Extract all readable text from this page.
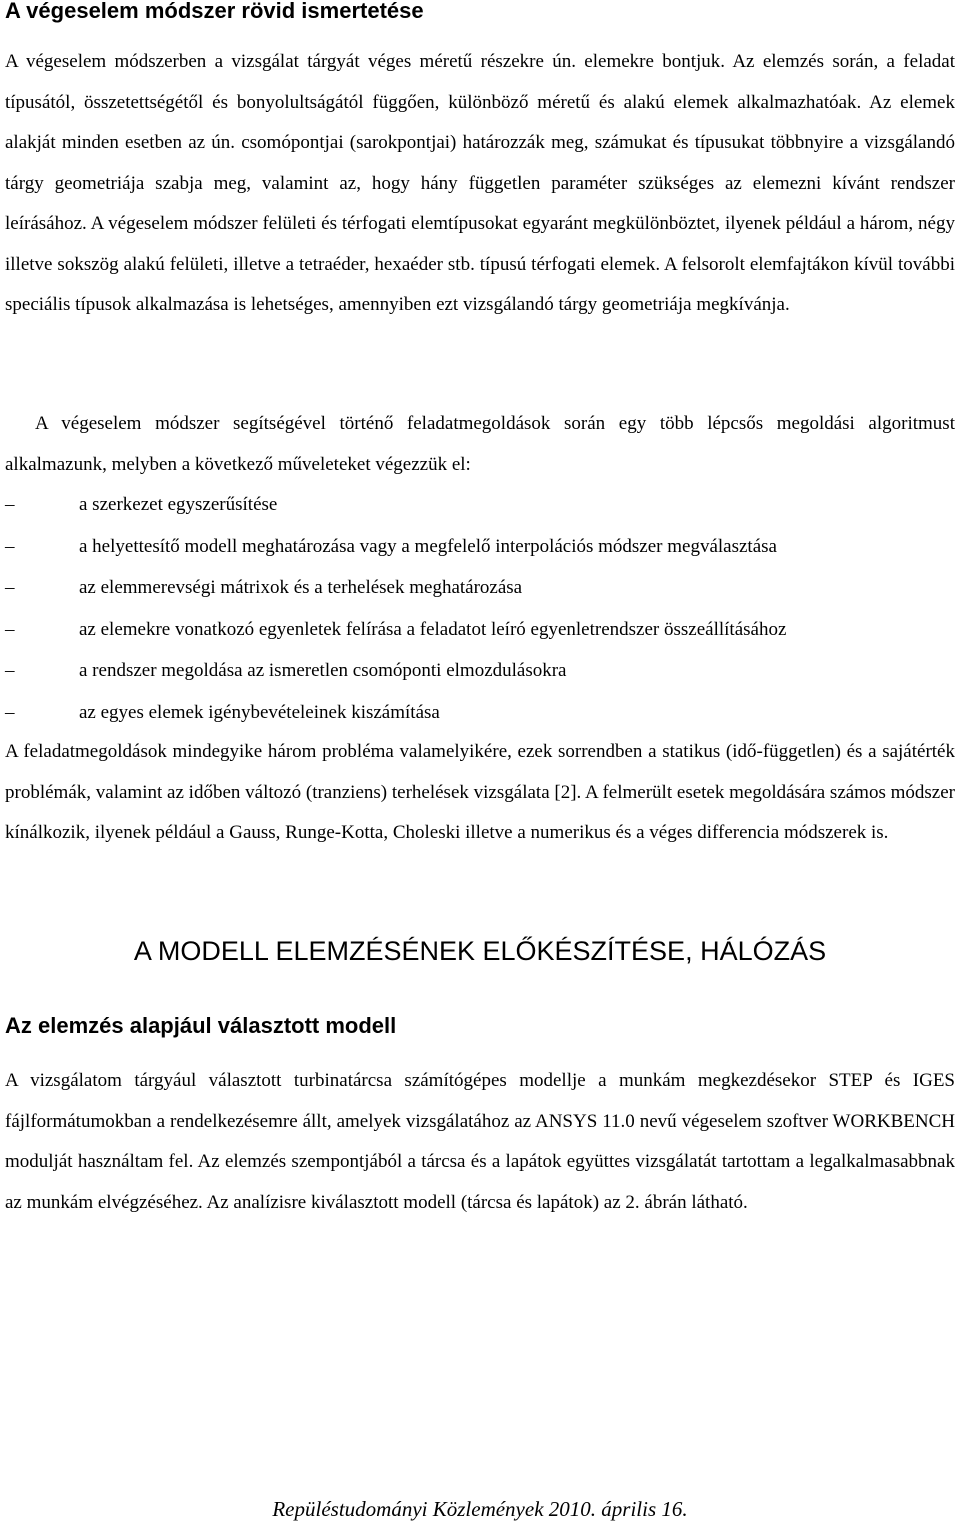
A végeselem módszer rövid ismertetése

A végeselem módszerben a vizsgálat tárgyát véges méretű részekre ún. elemekre bontjuk. Az elemzés során, a feladat típusától, összetettségétől és bonyolultságától függően, különböző méretű és alakú elemek alkalmazhatóak. Az elemek alakját minden esetben az ún. csomópontjai (sarokpontjai) határozzák meg, számukat és típusukat többnyire a vizsgálandó tárgy geometriája szabja meg, valamint az, hogy hány független paraméter szükséges az elemezni kívánt rendszer leírásához. A végeselem módszer felületi és térfogati elemtípusokat egyaránt megkülönböztet, ilyenek például a három, négy illetve sokszög alakú felületi, illetve a tetraéder, hexaéder stb. típusú térfogati elemek. A felsorolt elemfajtákon kívül további speciális típusok alkalmazása is lehetséges, amennyiben ezt vizsgálandó tárgy geometriája megkívánja.

A végeselem módszer segítségével történő feladatmegoldások során egy több lépcsős megoldási algoritmust alkalmazunk, melyben a következő műveleteket végezzük el:

–	a szerkezet egyszerűsítése
–	a helyettesítő modell meghatározása vagy a megfelelő interpolációs módszer megválasztása
–	az elemmerevségi mátrixok és a terhelések meghatározása
–	az elemekre vonatkozó egyenletek felírása a feladatot leíró egyenletrendszer összeállításához
–	a rendszer megoldása az ismeretlen csomóponti elmozdulásokra
–	az egyes elemek igénybevételeinek kiszámítása

A feladatmegoldások mindegyike három probléma valamelyikére, ezek sorrendben a statikus (idő-független) és a sajátérték problémák, valamint az időben változó (tranziens) terhelések vizsgálata [2]. A felmerült esetek megoldására számos módszer kínálkozik, ilyenek például a Gauss, Runge-Kotta, Choleski illetve a numerikus és a véges differencia módszerek is.

A MODELL ELEMZÉSÉNEK ELŐKÉSZÍTÉSE, HÁLÓZÁS
Az elemzés alapjául választott modell

A vizsgálatom tárgyául választott turbinatárcsa számítógépes modellje a munkám megkezdésekor STEP és IGES fájlformátumokban a rendelkezésemre állt, amelyek vizsgálatához az ANSYS 11.0 nevű végeselem szoftver WORKBENCH modulját használtam fel. Az elemzés szempontjából a tárcsa és a lapátok együttes vizsgálatát tartottam a legalkalmasabbnak az munkám elvégzéséhez. Az analízisre kiválasztott modell (tárcsa és lapátok) az 2. ábrán látható.

Repüléstudományi Közlemények 2010. április 16.
